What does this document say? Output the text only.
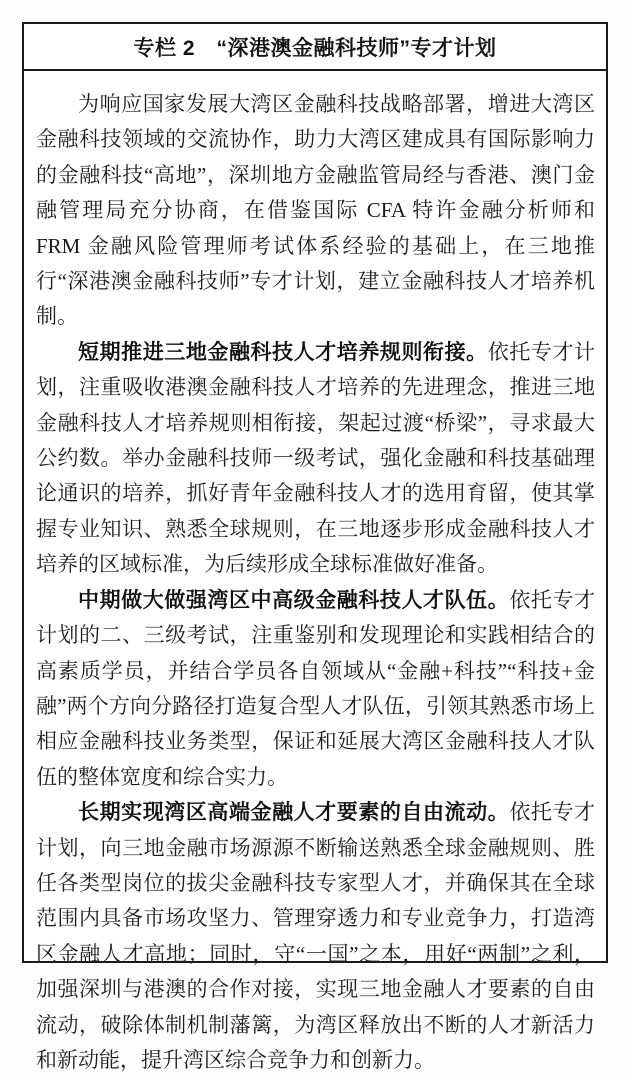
专栏 2　“深港澳金融科技师”专才计划

为响应国家发展大湾区金融科技战略部署，增进大湾区金融科技领域的交流协作，助力大湾区建成具有国际影响力的金融科技“高地”，深圳地方金融监管局经与香港、澳门金融管理局充分协商，在借鉴国际 CFA 特许金融分析师和 FRM 金融风险管理师考试体系经验的基础上，在三地推行“深港澳金融科技师”专才计划，建立金融科技人才培养机制。

短期推进三地金融科技人才培养规则衔接。依托专才计划，注重吸收港澳金融科技人才培养的先进理念，推进三地金融科技人才培养规则相衔接，架起过渡“桥梁”，寻求最大公约数。举办金融科技师一级考试，强化金融和科技基础理论通识的培养，抓好青年金融科技人才的选用育留，使其掌握专业知识、熟悉全球规则，在三地逐步形成金融科技人才培养的区域标准，为后续形成全球标准做好准备。

中期做大做强湾区中高级金融科技人才队伍。依托专才计划的二、三级考试，注重鉴别和发现理论和实践相结合的高素质学员，并结合学员各自领域从“金融+科技”“科技+金融”两个方向分路径打造复合型人才队伍，引领其熟悉市场上相应金融科技业务类型，保证和延展大湾区金融科技人才队伍的整体宽度和综合实力。

长期实现湾区高端金融人才要素的自由流动。依托专才计划，向三地金融市场源源不断输送熟悉全球金融规则、胜任各类型岗位的拔尖金融科技专家型人才，并确保其在全球范围内具备市场攻坚力、管理穿透力和专业竞争力，打造湾区金融人才高地；同时，守“一国”之本，用好“两制”之利，加强深圳与港澳的合作对接，实现三地金融人才要素的自由流动，破除体制机制藩篱，为湾区释放出不断的人才新活力和新动能，提升湾区综合竞争力和创新力。
